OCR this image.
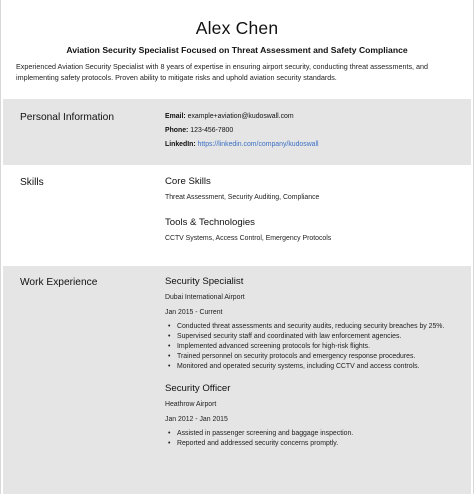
Alex Chen
Aviation Security Specialist Focused on Threat Assessment and Safety Compliance
Experienced Aviation Security Specialist with 8 years of expertise in ensuring airport security, conducting threat assessments, and implementing safety protocols. Proven ability to mitigate risks and uphold aviation security standards.
Personal Information	Email: example+aviation@kudoswall.com
Phone: 123-456-7800
LinkedIn: https://linkedin.com/company/kudoswall
Skills	Core Skills
Threat Assessment, Security Auditing, Compliance
Tools & Technologies
CCTV Systems, Access Control, Emergency Protocols
Work Experience	Security Specialist
Dubai International Airport
Jan 2015 - Current
• Conducted threat assessments and security audits, reducing security breaches by 25%.
• Supervised security staff and coordinated with law enforcement agencies.
• Implemented advanced screening protocols for high-risk flights.
• Trained personnel on security protocols and emergency response procedures.
• Monitored and operated security systems, including CCTV and access controls.
Security Officer
Heathrow Airport
Jan 2012 - Jan 2015
• Assisted in passenger screening and baggage inspection.
• Reported and addressed security concerns promptly.
